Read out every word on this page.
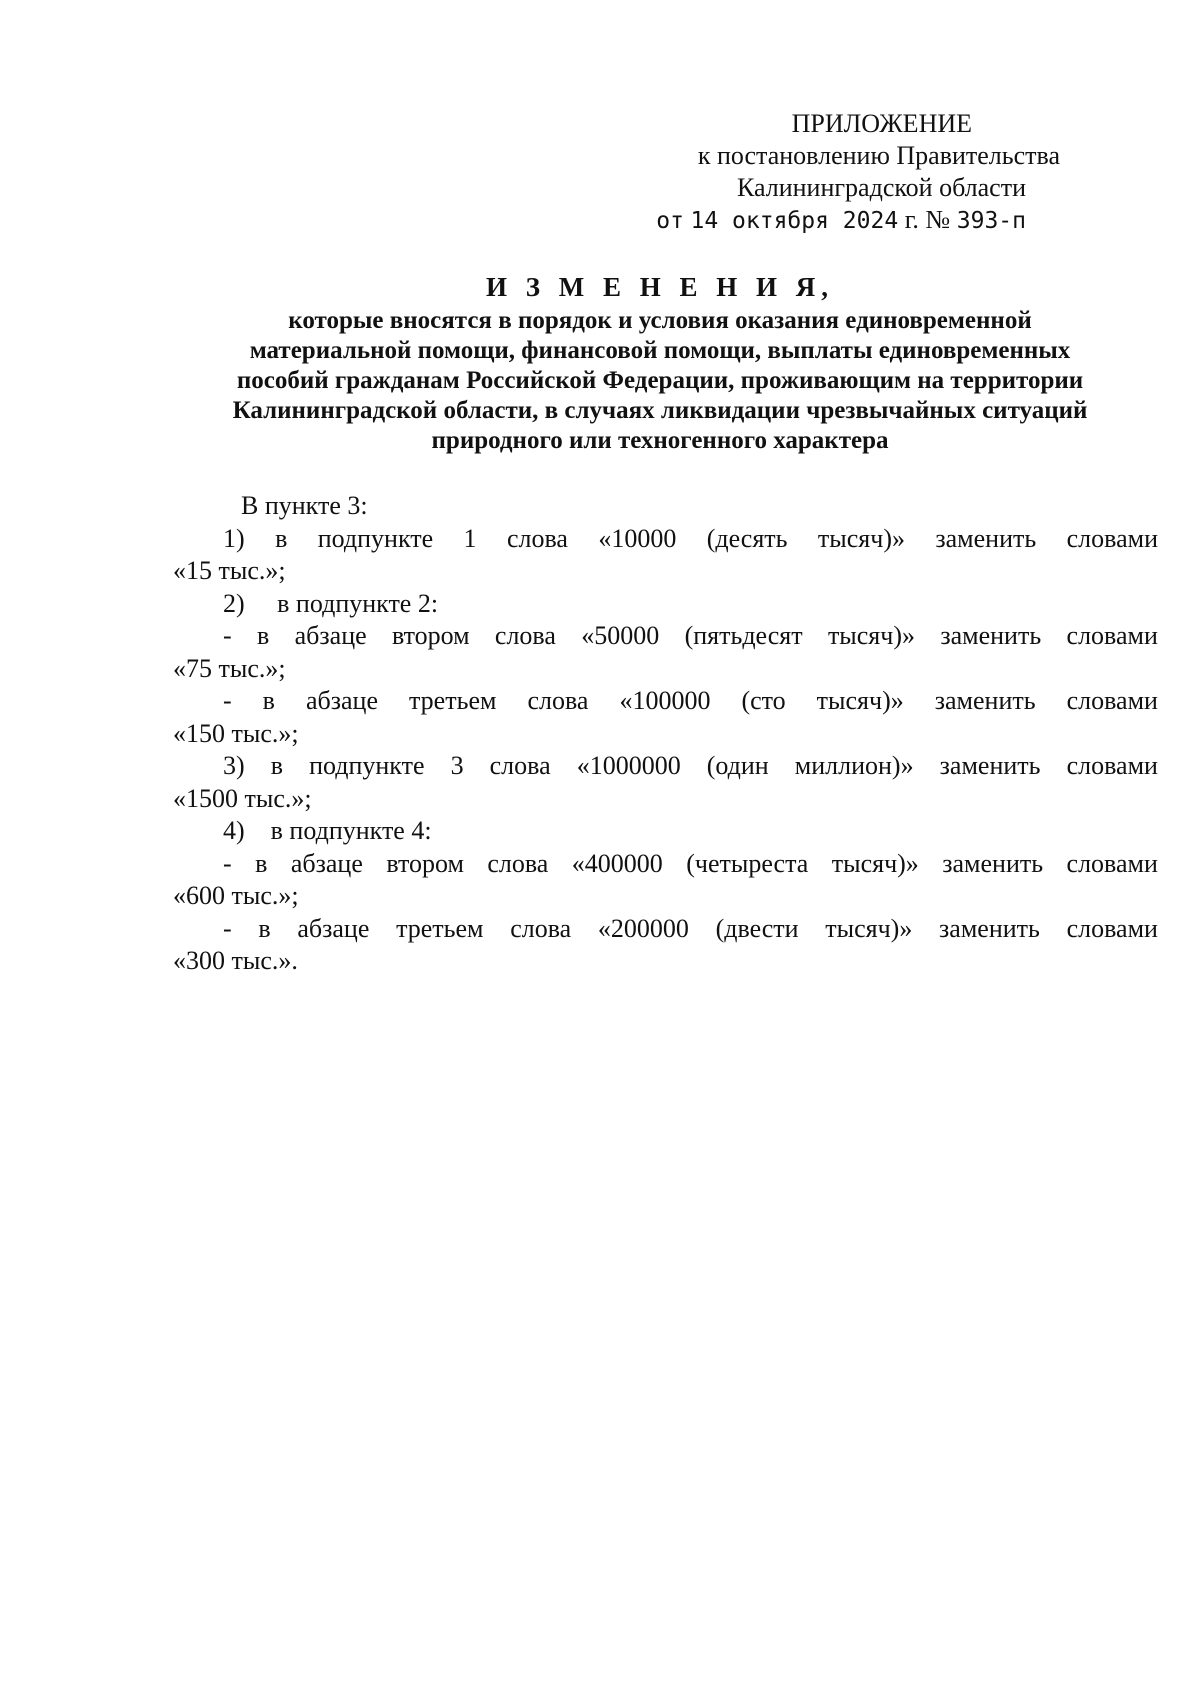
ПРИЛОЖЕНИЕ
к постановлению Правительства
Калининградской области
от 14 октября 2024 г. № 393-п
И З М Е Н Е Н И Я,
которые вносятся в порядок и условия оказания единовременной
материальной помощи, финансовой помощи, выплаты единовременных
пособий гражданам Российской Федерации, проживающим на территории
Калининградской области, в случаях ликвидации чрезвычайных ситуаций
природного или техногенного характера

В пункте 3:

1) в подпункте 1 слова «10000 (десять тысяч)» заменить словами
«15 тыс.»;
2)     в подпункте 2:
- в абзаце втором слова «50000 (пятьдесят тысяч)» заменить словами
«75 тыс.»;
- в абзаце третьем слова «100000 (сто тысяч)» заменить словами
«150 тыс.»;
3) в подпункте 3 слова «1000000 (один миллион)» заменить словами
«1500 тыс.»;
4)    в подпункте 4:
- в абзаце втором слова «400000 (четыреста тысяч)» заменить словами
«600 тыс.»;
- в абзаце третьем слова «200000 (двести тысяч)» заменить словами
«300 тыс.».
